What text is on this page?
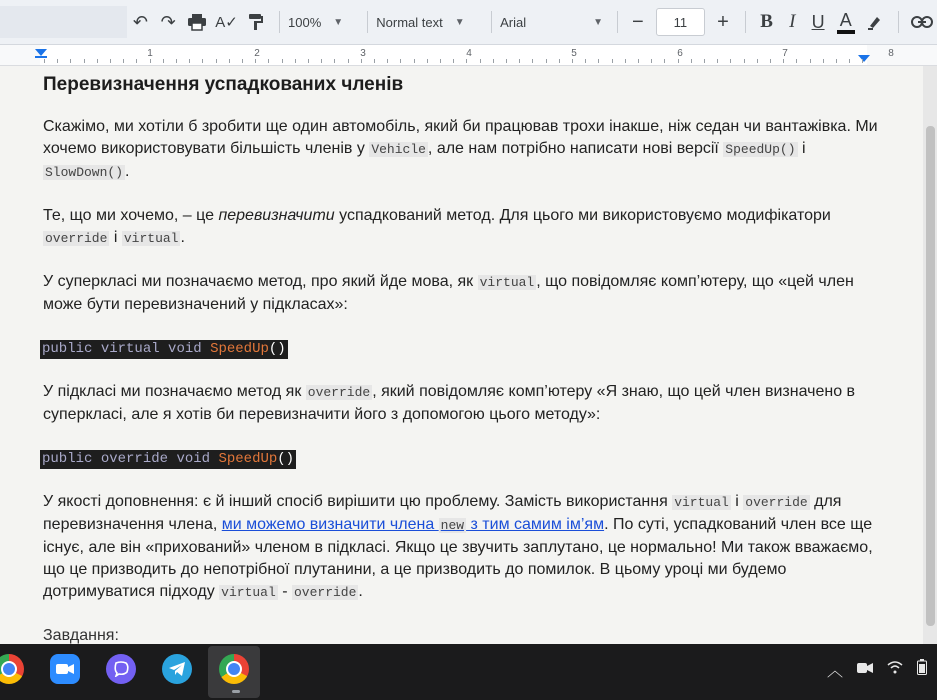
↶ ↷	A✓	100% ▼	Normal text ▼	Arial	▼	−	11	+	B I U A
1	2	3	4	5	6	7	8
Перевизначення успадкованих членів

Скажімо, ми хотіли б зробити ще один автомобіль, який би працював трохи інакше, ніж седан чи вантажівка. Ми хочемо використовувати більшість членів у Vehicle , але нам потрібно написати нові версії SpeedUp() і SlowDown() .

Те, що ми хочемо, – це перевизначити успадкований метод. Для цього ми використовуємо модифікатори override і virtual .

У суперкласі ми позначаємо метод, про який йде мова, як virtual , що повідомляє комп’ютеру, що «цей член може бути перевизначений у підкласах»:

public virtual void SpeedUp()

У підкласі ми позначаємо метод як override , який повідомляє комп’ютеру «Я знаю, що цей член визначено в суперкласі, але я хотів би перевизначити його з допомогою цього методу»:

public override void SpeedUp()

У якості доповнення: є й інший спосіб вирішити цю проблему. Замість використання virtual і override для перевизначення члена, ми можемо визначити члена new з тим самим ім’ям. По суті, успадкований член все ще існує, але він «прихований» членом в підкласі. Якщо це звучить заплутано, це нормально! Ми також вважаємо, що це призводить до непотрібної плутанини, а це призводить до помилок. В цьому уроці ми будемо дотримуватися підходу virtual - override .

Завдання:
︿
